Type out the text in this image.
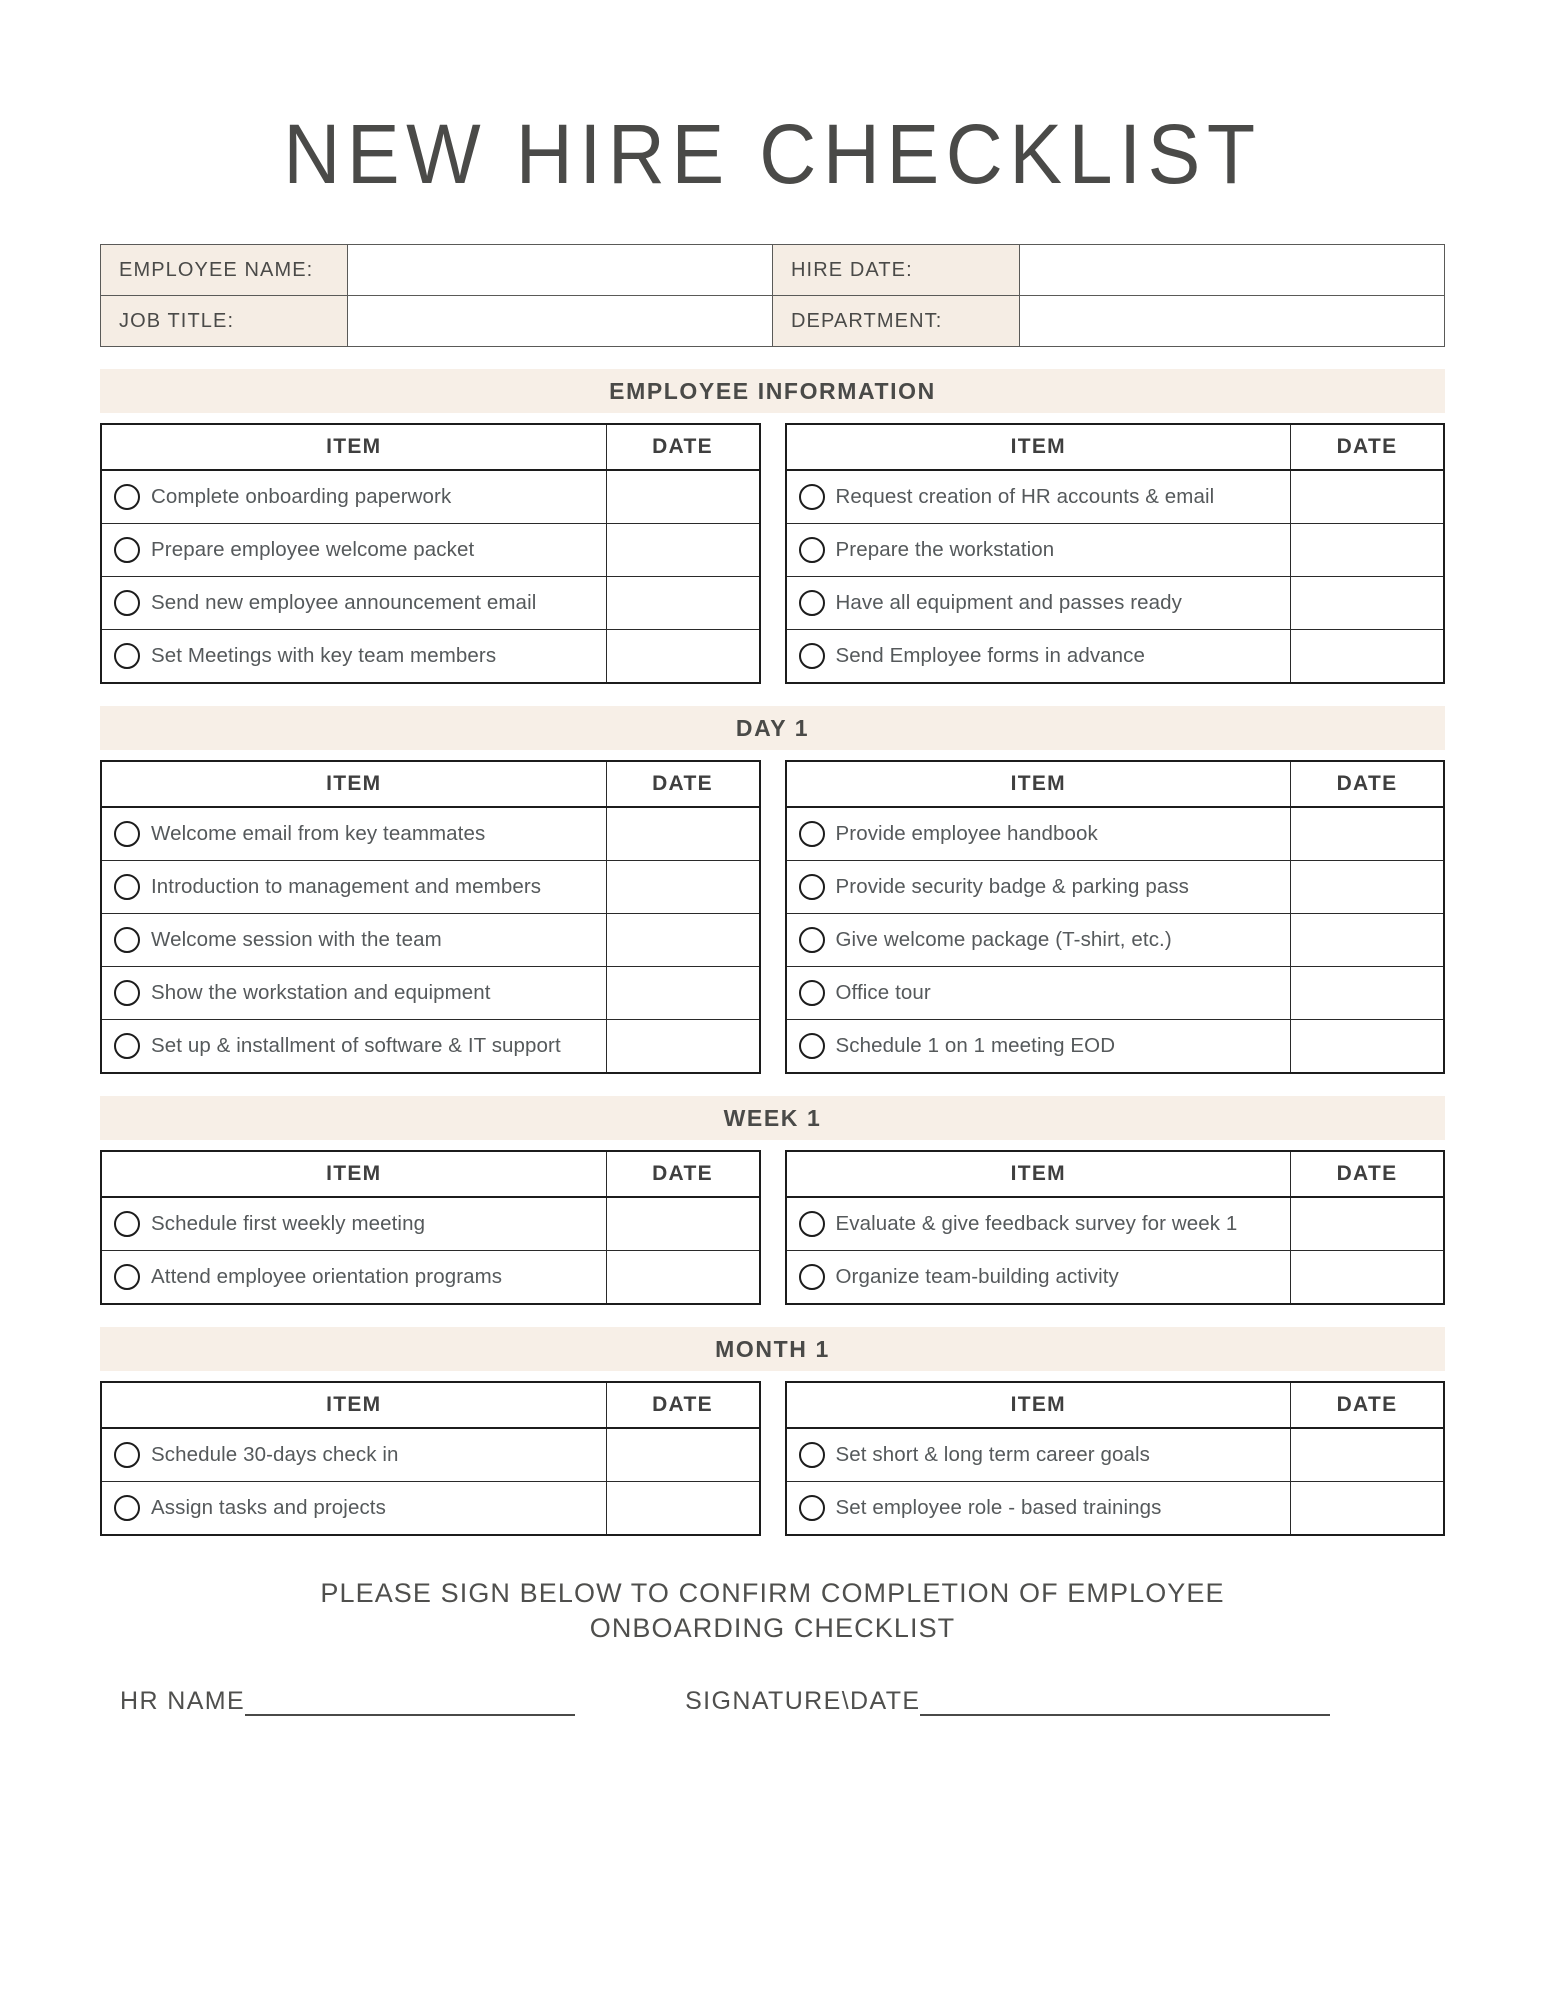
NEW HIRE CHECKLIST
EMPLOYEE NAME:		HIRE DATE:	
JOB TITLE:		DEPARTMENT:	
EMPLOYEE INFORMATION
ITEM	DATE

Complete onboarding paperwork	

Prepare employee welcome packet	

Send new employee announcement email	

Set Meetings with key team members	

ITEM	DATE

Request creation of HR accounts & email	

Prepare the workstation	

Have all equipment and passes ready	

Send Employee forms in advance	

DAY 1
ITEM	DATE

Welcome email from key teammates	

Introduction to management and members	

Welcome session with the team	

Show the workstation and equipment	

Set up & installment of software & IT support	

ITEM	DATE

Provide employee handbook	

Provide security badge & parking pass	

Give welcome package (T-shirt, etc.)	

Office tour	

Schedule 1 on 1 meeting EOD	

WEEK 1
ITEM	DATE

Schedule first weekly meeting	

Attend employee orientation programs	

ITEM	DATE

Evaluate & give feedback survey for week 1	

Organize team-building activity	

MONTH 1
ITEM	DATE

Schedule 30-days check in	

Assign tasks and projects	

ITEM	DATE

Set short & long term career goals	

Set employee role - based trainings	

PLEASE SIGN BELOW TO CONFIRM COMPLETION OF EMPLOYEE
ONBOARDING CHECKLIST
HR NAME	SIGNATURE\DATE
